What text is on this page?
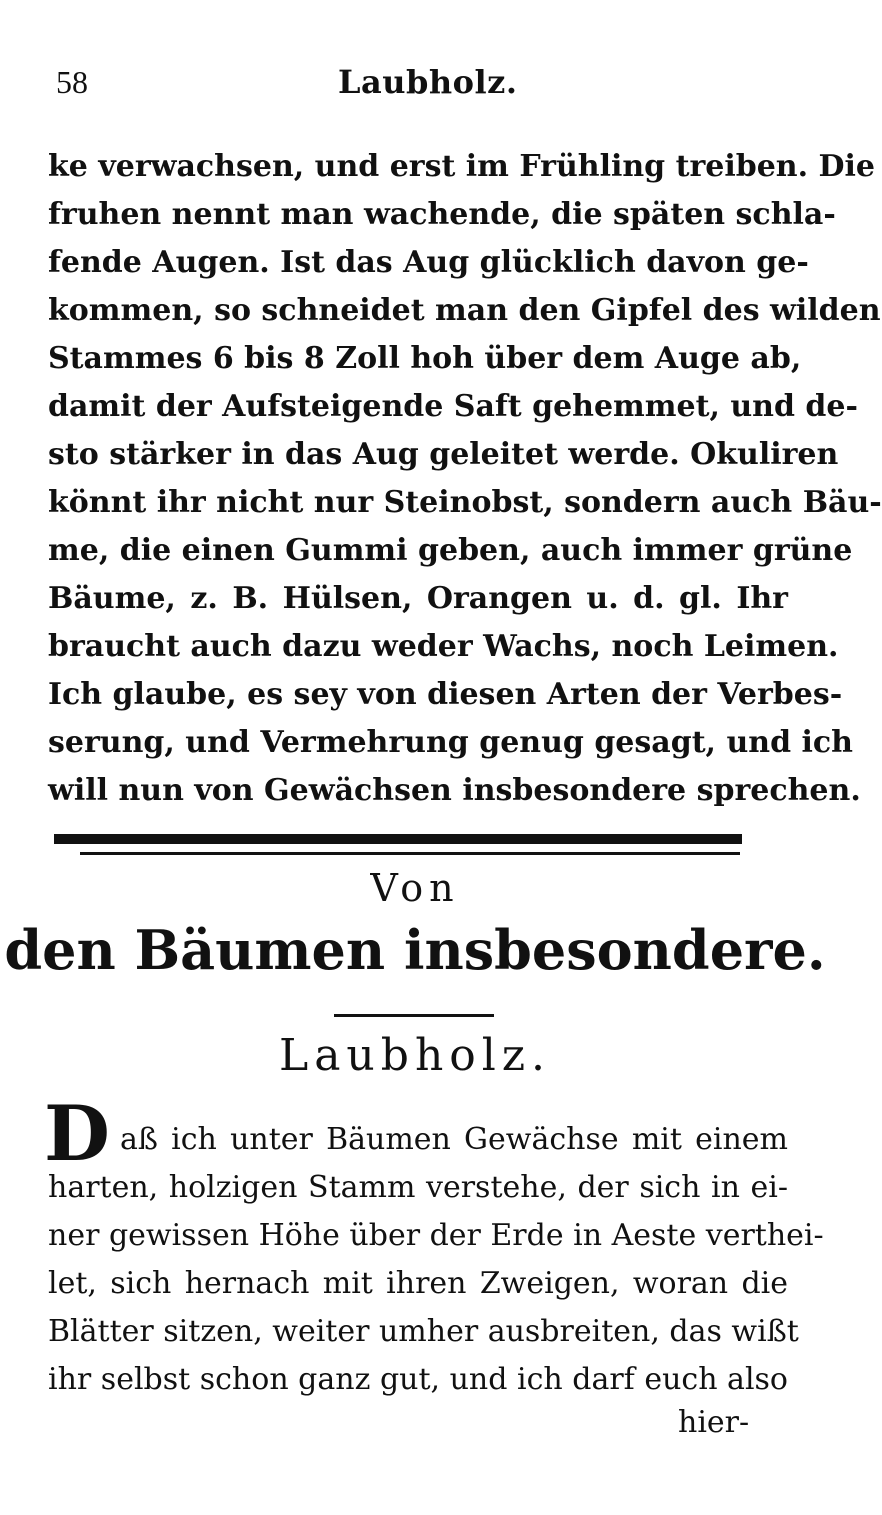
58	Laubholz.
ke verwachsen, und erst im Frühling treiben. Die
fruhen nennt man wachende, die späten schla-
fende Augen. Ist das Aug glücklich davon ge-
kommen, so schneidet man den Gipfel des wilden
Stammes 6 bis 8 Zoll hoh über dem Auge ab,
damit der Aufsteigende Saft gehemmet, und de-
sto stärker in das Aug geleitet werde. Okuliren
könnt ihr nicht nur Steinobst, sondern auch Bäu-
me, die einen Gummi geben, auch immer grüne
Bäume, z. B. Hülsen, Orangen u. d. gl. Ihr
braucht auch dazu weder Wachs, noch Leimen.
Ich glaube, es sey von diesen Arten der Verbes-
serung, und Vermehrung genug gesagt, und ich
will nun von Gewächsen insbesondere sprechen.
Von
den Bäumen insbesondere.
Laubholz.
D aß ich unter Bäumen Gewächse mit einem
harten, holzigen Stamm verstehe, der sich in ei-
ner gewissen Höhe über der Erde in Aeste verthei-
let, sich hernach mit ihren Zweigen, woran die
Blätter sitzen, weiter umher ausbreiten, das wißt
ihr selbst schon ganz gut, und ich darf euch also
hier-
